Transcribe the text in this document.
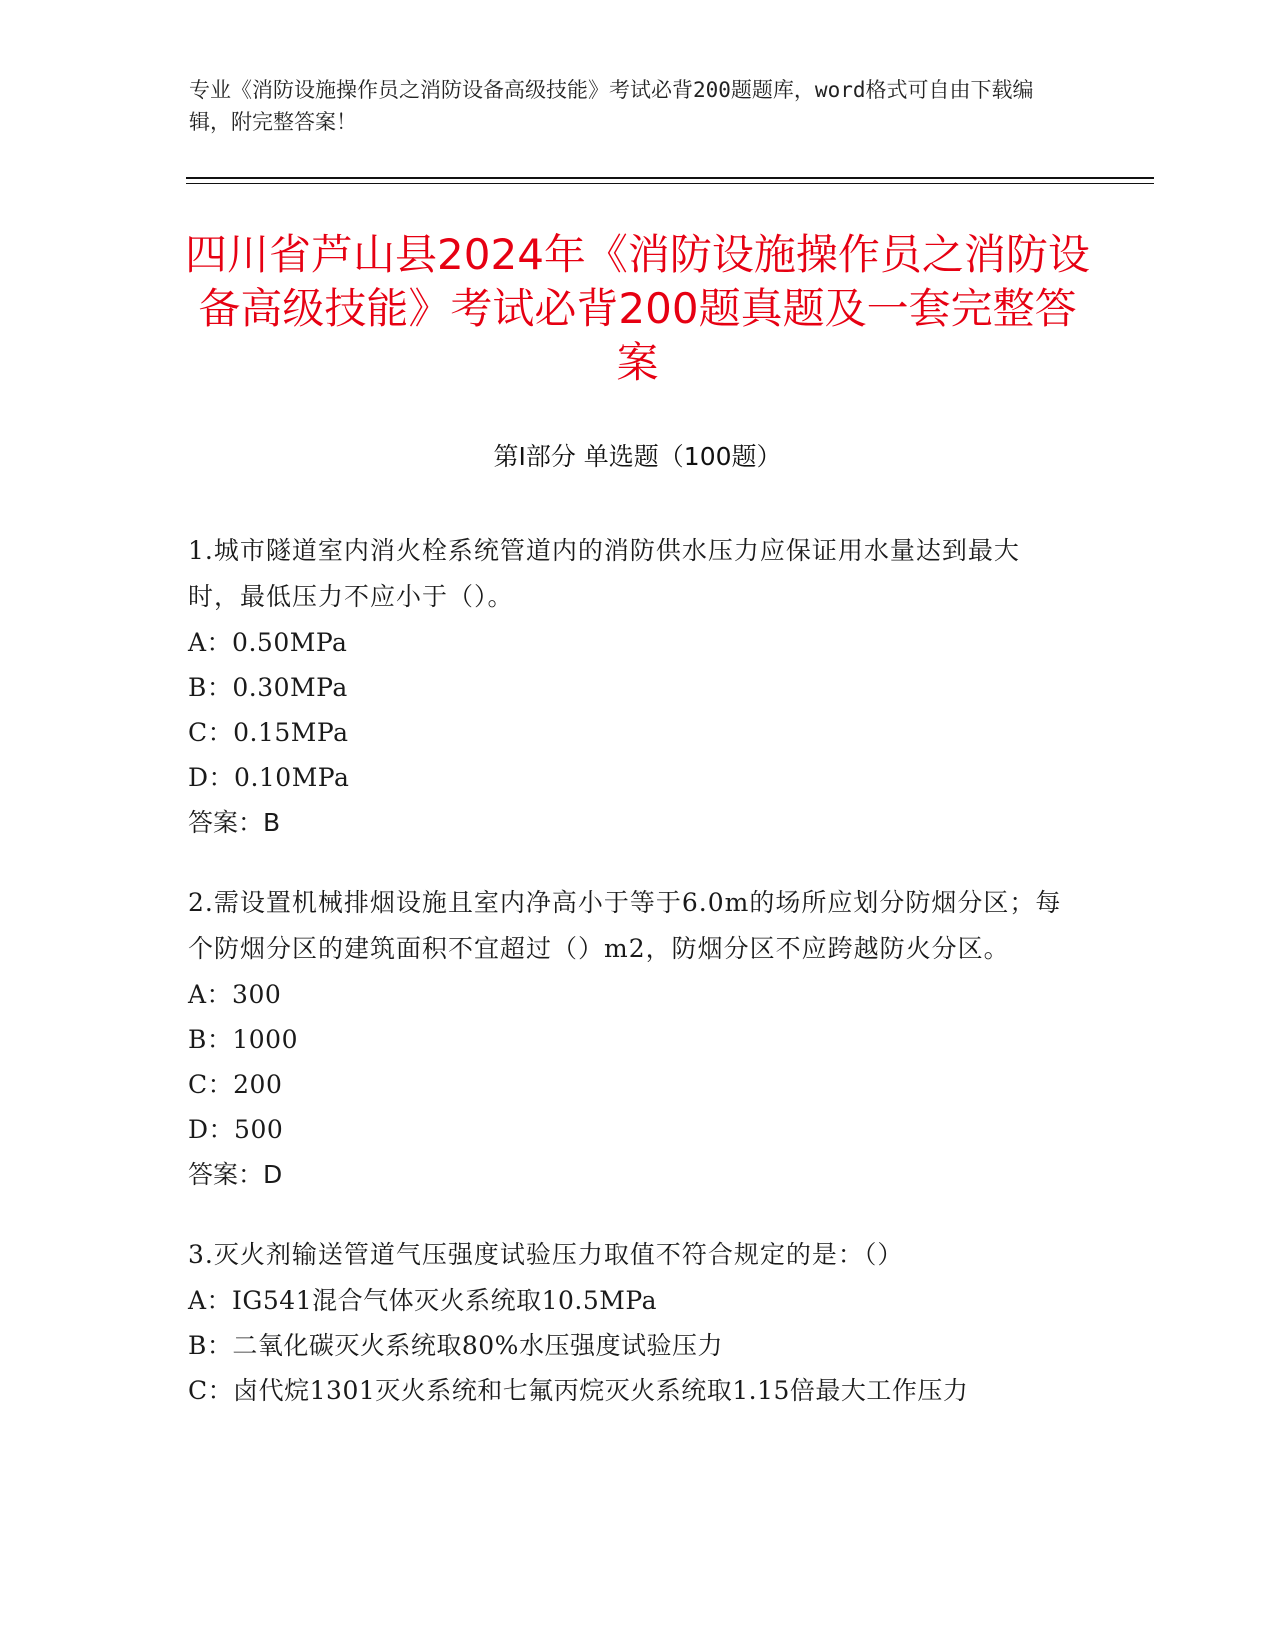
专业《消防设施操作员之消防设备高级技能》考试必背200题题库，word格式可自由下载编辑，附完整答案！
四川省芦山县2024年《消防设施操作员之消防设备高级技能》考试必背200题真题及一套完整答案
第Ⅰ部分 单选题（100题）

1.城市隧道室内消火栓系统管道内的消防供水压力应保证用水量达到最大时，最低压力不应小于（）。

A：0.50MPa

B：0.30MPa

C：0.15MPa

D：0.10MPa

答案：B

2.需设置机械排烟设施且室内净高小于等于6.0m的场所应划分防烟分区；每个防烟分区的建筑面积不宜超过（）m2，防烟分区不应跨越防火分区。

A：300

B：1000

C：200

D：500

答案：D

3.灭火剂输送管道气压强度试验压力取值不符合规定的是：（）

A：IG541混合气体灭火系统取10.5MPa

B：二氧化碳灭火系统取80%水压强度试验压力

C：卤代烷1301灭火系统和七氟丙烷灭火系统取1.15倍最大工作压力
